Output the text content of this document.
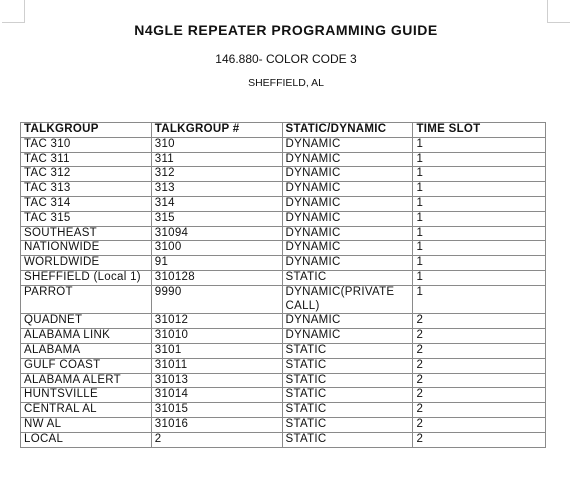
N4GLE REPEATER PROGRAMMING GUIDE
146.880- COLOR CODE 3
SHEFFIELD, AL
TALKGROUP	TALKGROUP #	STATIC/DYNAMIC	TIME SLOT
TAC 310	310	DYNAMIC	1
TAC 311	311	DYNAMIC	1
TAC 312	312	DYNAMIC	1
TAC 313	313	DYNAMIC	1
TAC 314	314	DYNAMIC	1
TAC 315	315	DYNAMIC	1
SOUTHEAST	31094	DYNAMIC	1
NATIONWIDE	3100	DYNAMIC	1
WORLDWIDE	91	DYNAMIC	1
SHEFFIELD (Local 1)	310128	STATIC	1
PARROT	9990	DYNAMIC(PRIVATE CALL)	1
QUADNET	31012	DYNAMIC	2
ALABAMA LINK	31010	DYNAMIC	2
ALABAMA	3101	STATIC	2
GULF COAST	31011	STATIC	2
ALABAMA ALERT	31013	STATIC	2
HUNTSVILLE	31014	STATIC	2
CENTRAL AL	31015	STATIC	2
NW AL	31016	STATIC	2
LOCAL	2	STATIC	2
